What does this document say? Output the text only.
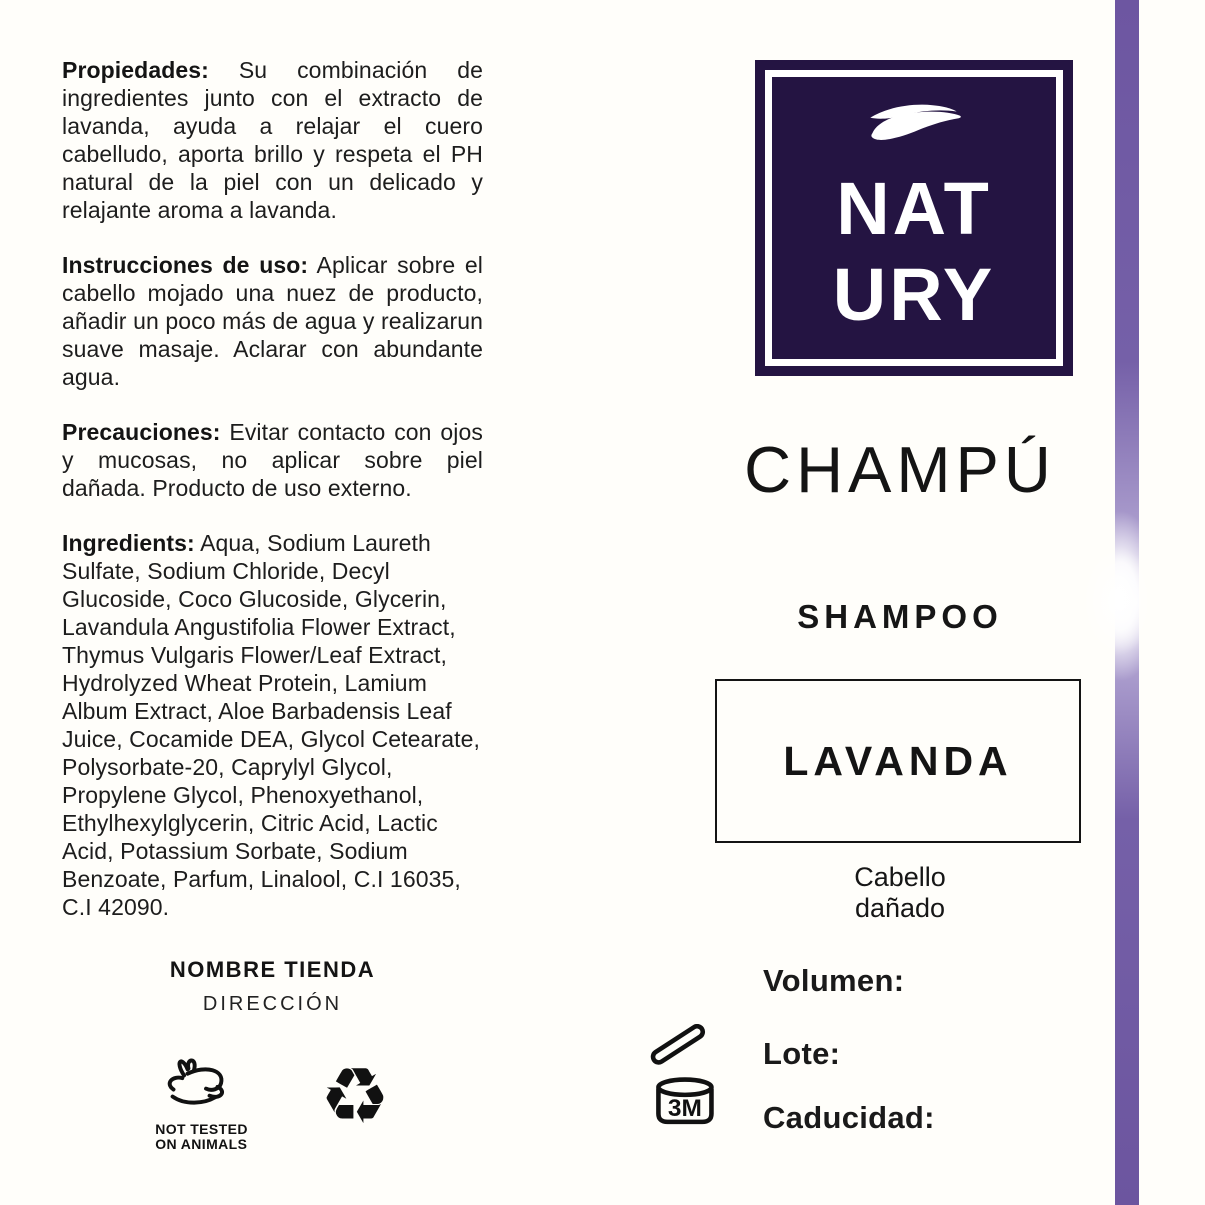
Propiedades: Su combinación de ingredientes junto con el extracto de lavanda, ayuda a relajar el cuero cabelludo, aporta brillo y respeta el PH natural de la piel con un delicado y relajante aroma a lavanda.

Instrucciones de uso: Aplicar sobre el cabello mojado una nuez de producto, añadir un poco más de agua y realizarun suave masaje. Aclarar con abundante agua.

Precauciones: Evitar contacto con ojos y mucosas, no aplicar sobre piel dañada. Producto de uso externo.

Ingredients: Aqua, Sodium Laureth Sulfate, Sodium Chloride, Decyl Glucoside, Coco Glucoside, Glycerin, Lavandula Angustifolia Flower Extract, Thymus Vulgaris Flower/Leaf Extract, Hydrolyzed Wheat Protein, Lamium Album Extract, Aloe Barbadensis Leaf Juice, Cocamide DEA, Glycol Cetearate, Polysorbate-20, Caprylyl Glycol, Propylene Glycol, Phenoxyethanol, Ethylhexylglycerin, Citric Acid, Lactic Acid, Potassium Sorbate, Sodium Benzoate, Parfum, Linalool, C.I 16035, C.I 42090.

NOMBRE TIENDA
DIRECCIÓN
NOT TESTED
ON ANIMALS
♻
NAT
URY
CHAMPÚ
SHAMPOO
LAVANDA
Cabello
dañado
Volumen:
Lote:
Caducidad:
3M
